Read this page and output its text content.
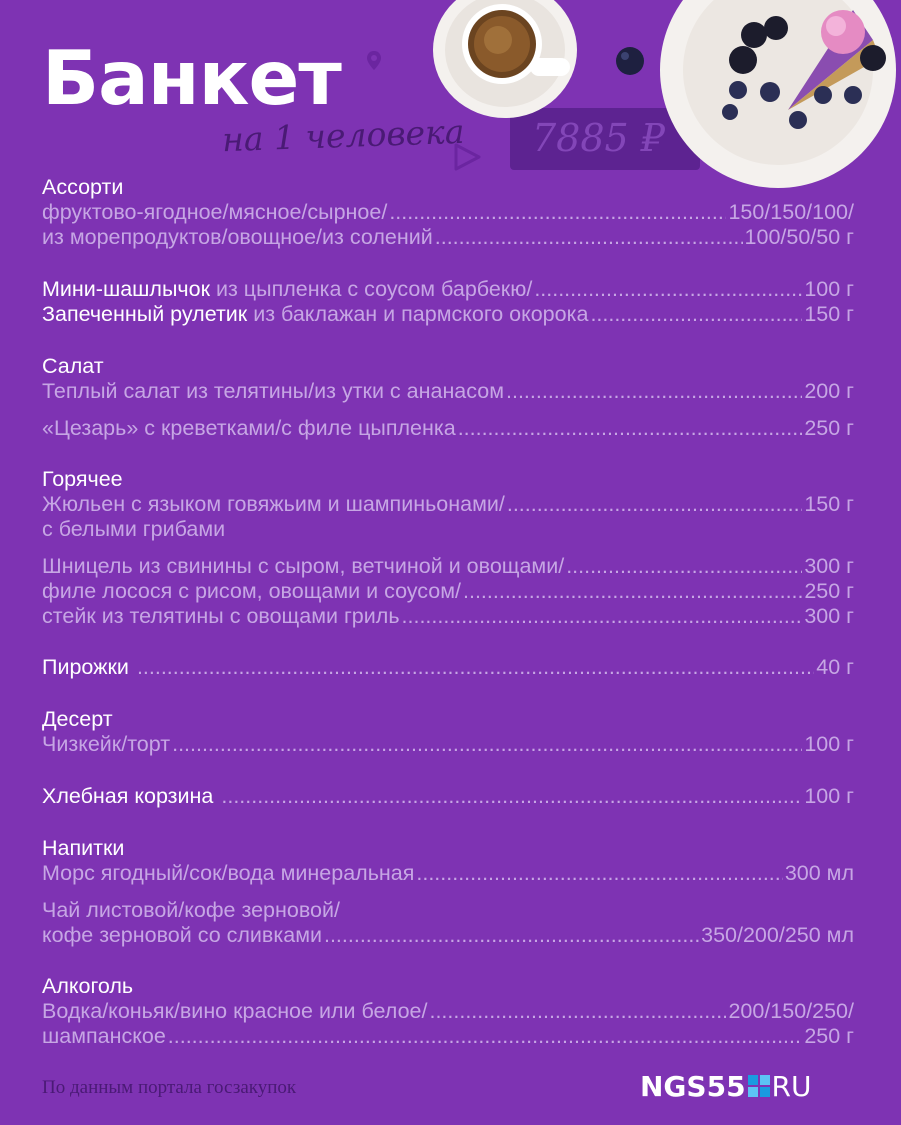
Банкет
7885 ₽
на 1 человека
Ассорти
фруктово-ягодное/мясное/сырное/ .....	150/150/100/
из морепродуктов/овощное/из солений .....	100/50/50 г
Мини-шашлычок из цыпленка с соусом барбекю/ .....	100 г
Запеченный рулетик из баклажан и пармского окорока .....	150 г
Салат
Теплый салат из телятины/из утки с ананасом .....	200 г
«Цезарь» с креветками/с филе цыпленка .....	250 г
Горячее
Жюльен с языком говяжьим и шампиньонами/ .....	150 г
с белыми грибами
Шницель из свинины с сыром, ветчиной и овощами/ .....	300 г
филе лосося с рисом, овощами и соусом/ .....	250 г
стейк из телятины с овощами гриль .....	300 г
Пирожки .....	40 г
Десерт
Чизкейк/торт .....	100 г
Хлебная корзина .....	100 г
Напитки
Морс ягодный/сок/вода минеральная .....	300 мл
Чай листовой/кофе зерновой/
кофе зерновой со сливками .....	350/200/250 мл
Алкоголь
Водка/коньяк/вино красное или белое/ .....	200/150/250/
шампанское .....	250 г
По данным портала госзакупок	NGS55 RU
